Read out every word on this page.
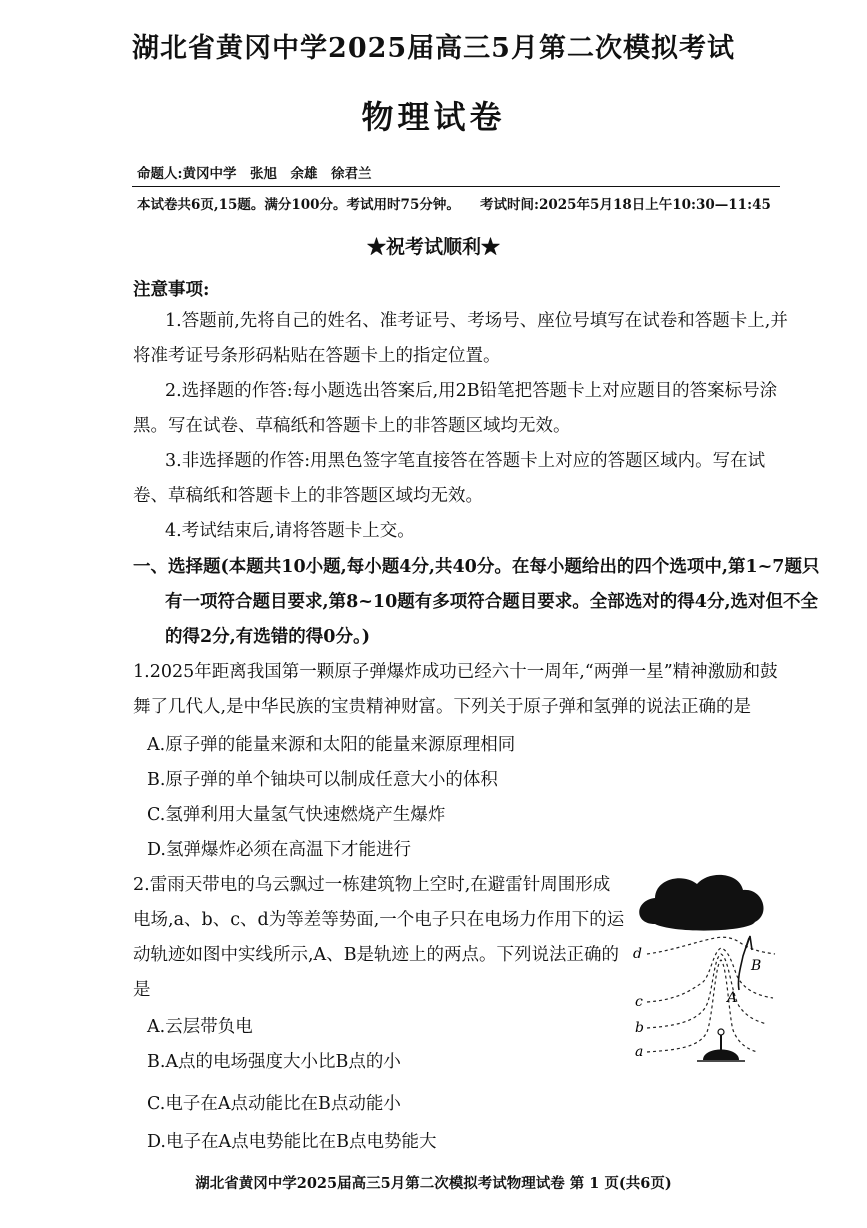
湖北省黄冈中学2025届高三5月第二次模拟考试
物理试卷
命题人:黄冈中学　张旭　余雄　徐君兰
本试卷共6页,15题。满分100分。考试用时75分钟。 考试时间:2025年5月18日上午10:30—11:45
★祝考试顺利★
注意事项:
1.答题前,先将自己的姓名、准考证号、考场号、座位号填写在试卷和答题卡上,并将准考证号条形码粘贴在答题卡上的指定位置。
2.选择题的作答:每小题选出答案后,用2B铅笔把答题卡上对应题目的答案标号涂黑。写在试卷、草稿纸和答题卡上的非答题区域均无效。
3.非选择题的作答:用黑色签字笔直接答在答题卡上对应的答题区域内。写在试卷、草稿纸和答题卡上的非答题区域均无效。
4.考试结束后,请将答题卡上交。
一、选择题(本题共10小题,每小题4分,共40分。在每小题给出的四个选项中,第1~7题只有一项符合题目要求,第8~10题有多项符合题目要求。全部选对的得4分,选对但不全的得2分,有选错的得0分。)
1.2025年距离我国第一颗原子弹爆炸成功已经六十一周年,“两弹一星”精神激励和鼓舞了几代人,是中华民族的宝贵精神财富。下列关于原子弹和氢弹的说法正确的是
A.原子弹的能量来源和太阳的能量来源原理相同
B.原子弹的单个铀块可以制成任意大小的体积
C.氢弹利用大量氢气快速燃烧产生爆炸
D.氢弹爆炸必须在高温下才能进行
2.雷雨天带电的乌云飘过一栋建筑物上空时,在避雷针周围形成电场,a、b、c、d为等差等势面,一个电子只在电场力作用下的运动轨迹如图中实线所示,A、B是轨迹上的两点。下列说法正确的是
A.云层带负电
B.A点的电场强度大小比B点的小
C.电子在A点动能比在B点动能小
D.电子在A点电势能比在B点电势能大
d
c
b
a
A
B
湖北省黄冈中学2025届高三5月第二次模拟考试物理试卷 第 1 页(共6页)
